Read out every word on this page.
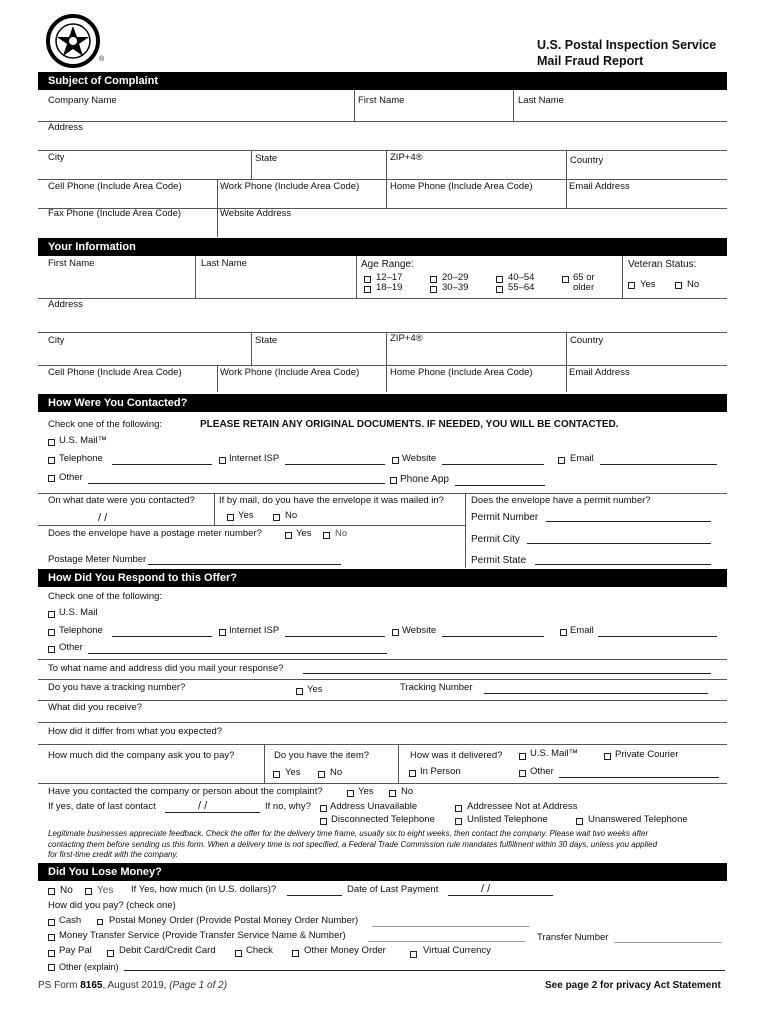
®
U.S. Postal Inspection Service
Mail Fraud Report
Subject of Complaint
Company Name	First Name	Last Name
Address
City	State	ZIP+4®	Country
Cell Phone (Include Area Code)	Work Phone (Include Area Code)	Home Phone (Include Area Code)	Email Address
Fax Phone (Include Area Code)	Website Address
Your Information
First Name	Last Name	Age Range:	Veteran Status:
12–17
18–19
20–29
30–39
40–54
55–64
65 or
older	Yes	No
Address
City	State	ZIP+4®	Country
Cell Phone (Include Area Code)	Work Phone (Include Area Code)	Home Phone (Include Area Code)	Email Address
How Were You Contacted?
Check one of the following:	PLEASE RETAIN ANY ORIGINAL DOCUMENTS. IF NEEDED, YOU WILL BE CONTACTED.
U.S. Mail™
Telephone	Internet ISP	Website	Email
Other	Phone App
On what date were you contacted?
/ /
If by mail, do you have the envelope it was mailed in?
Yes	No
Does the envelope have a permit number?
Permit Number
Does the envelope have a postage meter number?	Yes No
Permit City
Postage Meter Number	Permit State
How Did You Respond to this Offer?
Check one of the following:
U.S. Mail
Telephone	Internet ISP	Website	Email
Other
To what name and address did you mail your response?
Do you have a tracking number?	Yes	Tracking Number
What did you receive?
How did it differ from what you expected?
How much did the company ask you to pay?	Do you have the item?
Yes	No
How was it delivered?	U.S. Mail™	Private Courier
In Person	Other
Have you contacted the company or person about the complaint?	Yes	No
If yes, date of last contact	/ /	If no, why? Address Unavailable	Addressee Not at Address
Disconnected Telephone	Unlisted Telephone	Unanswered Telephone
Legitimate businesses appreciate feedback. Check the offer for the delivery time frame, usually six to eight weeks, then contact the company. Please wait two weeks after
contacting them before sending us this form. When a delivery time is not specified, a Federal Trade Commission rule mandates fulfillment within 30 days, unless you applied
for first-time credit with the company.
Did You Lose Money?
No Yes If Yes, how much (in U.S. dollars)?	Date of Last Payment	/ /
How did you pay? (check one)
Cash	Postal Money Order (Provide Postal Money Order Number)
Money Transfer Service (Provide Transfer Service Name & Number)	Transfer Number
Pay Pal	Debit Card/Credit Card	Check	Other Money Order	Virtual Currency
Other (explain)
PS Form 8165, August 2019, (Page 1 of 2)	See page 2 for privacy Act Statement
